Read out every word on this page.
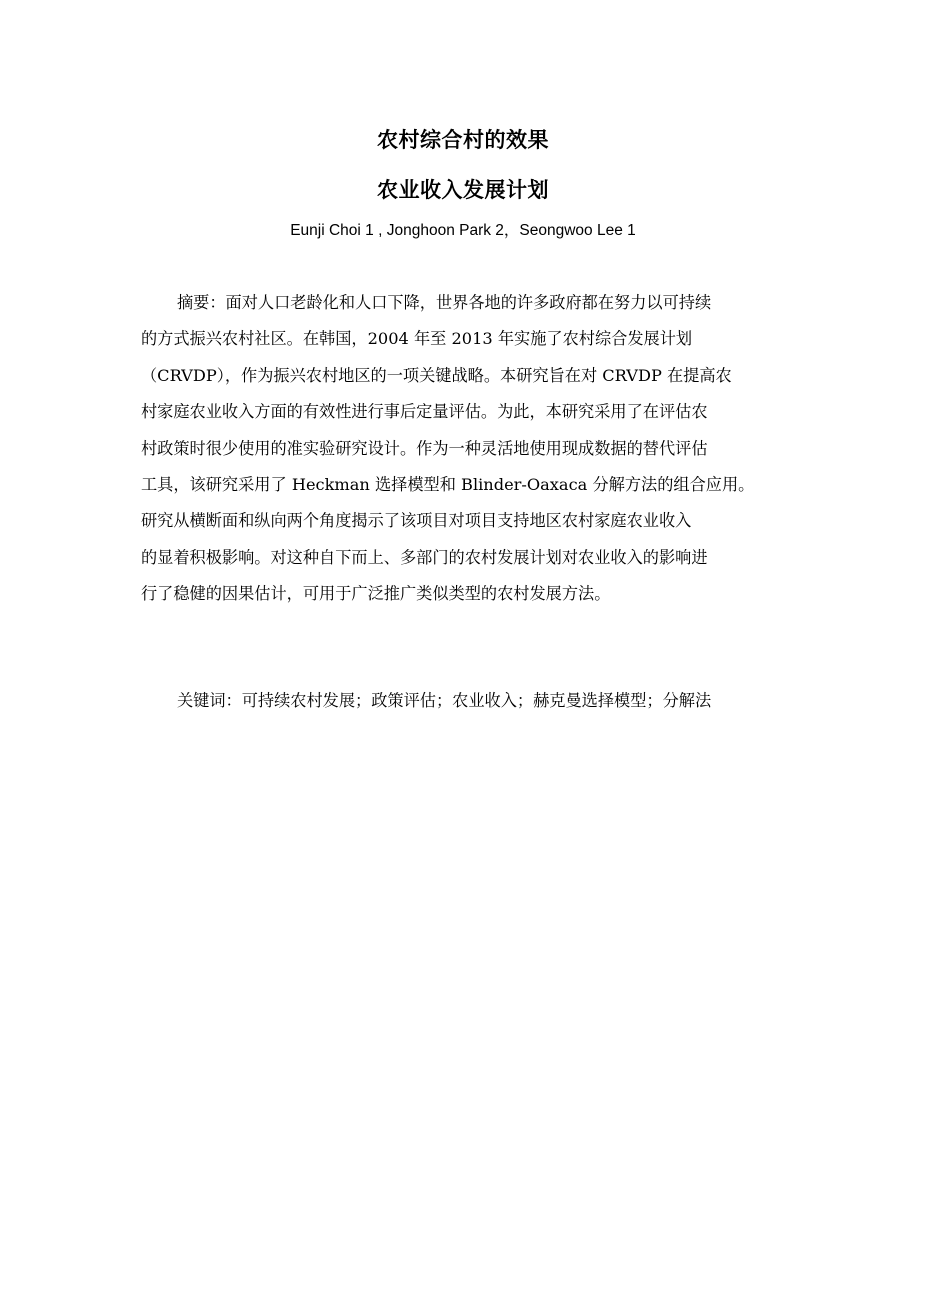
农村综合村的效果
农业收入发展计划
Eunji Choi 1 , Jonghoon Park 2，Seongwoo Lee 1
摘要：面对人口老龄化和人口下降，世界各地的许多政府都在努力以可持续
的方式振兴农村社区。在韩国，2004 年至 2013 年实施了农村综合发展计划
（CRVDP），作为振兴农村地区的一项关键战略。本研究旨在对 CRVDP 在提高农
村家庭农业收入方面的有效性进行事后定量评估。为此，本研究采用了在评估农
村政策时很少使用的准实验研究设计。作为一种灵活地使用现成数据的替代评估
工具，该研究采用了 Heckman 选择模型和 Blinder-Oaxaca 分解方法的组合应用。
研究从横断面和纵向两个角度揭示了该项目对项目支持地区农村家庭农业收入
的显着积极影响。对这种自下而上、多部门的农村发展计划对农业收入的影响进
行了稳健的因果估计，可用于广泛推广类似类型的农村发展方法。
关键词：可持续农村发展；政策评估；农业收入；赫克曼选择模型；分解法
